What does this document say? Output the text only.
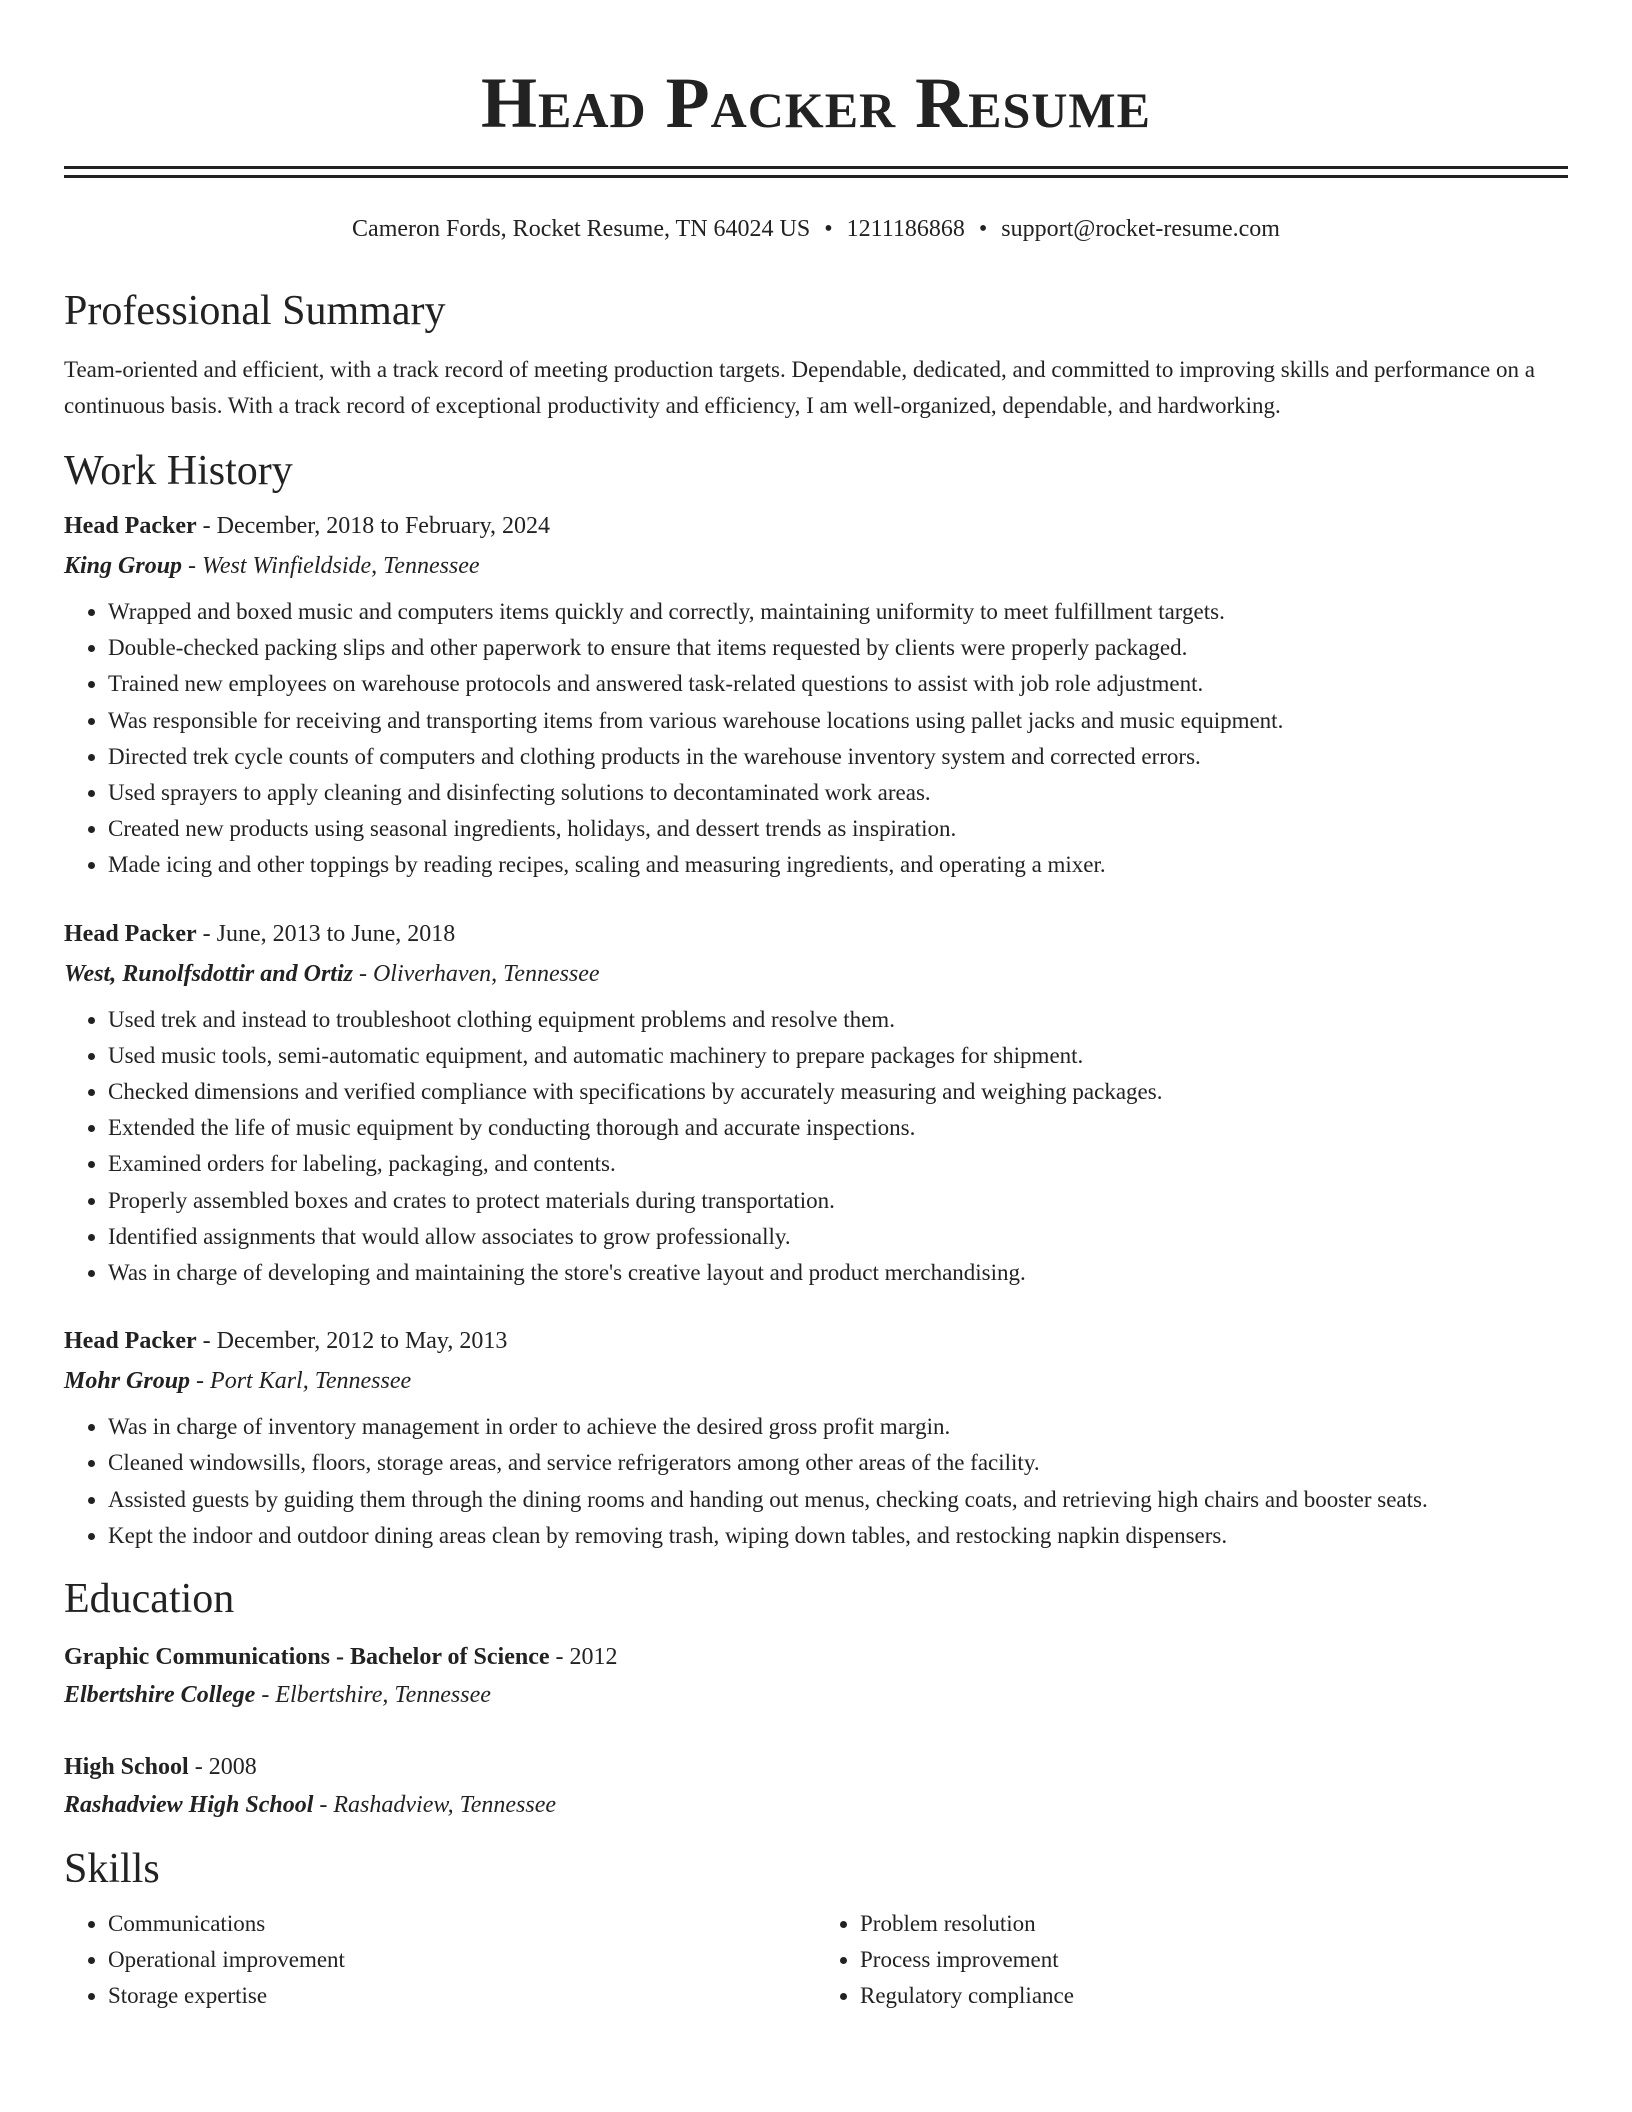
Head Packer Resume
Cameron Fords, Rocket Resume, TN 64024 US • 1211186868 • support@rocket-resume.com
Professional Summary
Team-oriented and efficient, with a track record of meeting production targets. Dependable, dedicated, and committed to improving skills and performance on a continuous basis. With a track record of exceptional productivity and efficiency, I am well-organized, dependable, and hardworking.
Work History
Head Packer - December, 2018 to February, 2024
King Group - West Winfieldside, Tennessee
• Wrapped and boxed music and computers items quickly and correctly, maintaining uniformity to meet fulfillment targets.
• Double-checked packing slips and other paperwork to ensure that items requested by clients were properly packaged.
• Trained new employees on warehouse protocols and answered task-related questions to assist with job role adjustment.
• Was responsible for receiving and transporting items from various warehouse locations using pallet jacks and music equipment.
• Directed trek cycle counts of computers and clothing products in the warehouse inventory system and corrected errors.
• Used sprayers to apply cleaning and disinfecting solutions to decontaminated work areas.
• Created new products using seasonal ingredients, holidays, and dessert trends as inspiration.
• Made icing and other toppings by reading recipes, scaling and measuring ingredients, and operating a mixer.
Head Packer - June, 2013 to June, 2018
West, Runolfsdottir and Ortiz - Oliverhaven, Tennessee
• Used trek and instead to troubleshoot clothing equipment problems and resolve them.
• Used music tools, semi-automatic equipment, and automatic machinery to prepare packages for shipment.
• Checked dimensions and verified compliance with specifications by accurately measuring and weighing packages.
• Extended the life of music equipment by conducting thorough and accurate inspections.
• Examined orders for labeling, packaging, and contents.
• Properly assembled boxes and crates to protect materials during transportation.
• Identified assignments that would allow associates to grow professionally.
• Was in charge of developing and maintaining the store's creative layout and product merchandising.
Head Packer - December, 2012 to May, 2013
Mohr Group - Port Karl, Tennessee
• Was in charge of inventory management in order to achieve the desired gross profit margin.
• Cleaned windowsills, floors, storage areas, and service refrigerators among other areas of the facility.
• Assisted guests by guiding them through the dining rooms and handing out menus, checking coats, and retrieving high chairs and booster seats.
• Kept the indoor and outdoor dining areas clean by removing trash, wiping down tables, and restocking napkin dispensers.
Education
Graphic Communications - Bachelor of Science - 2012
Elbertshire College - Elbertshire, Tennessee
High School - 2008
Rashadview High School - Rashadview, Tennessee
Skills
• Communications
• Operational improvement
• Storage expertise
• Problem resolution
• Process improvement
• Regulatory compliance
